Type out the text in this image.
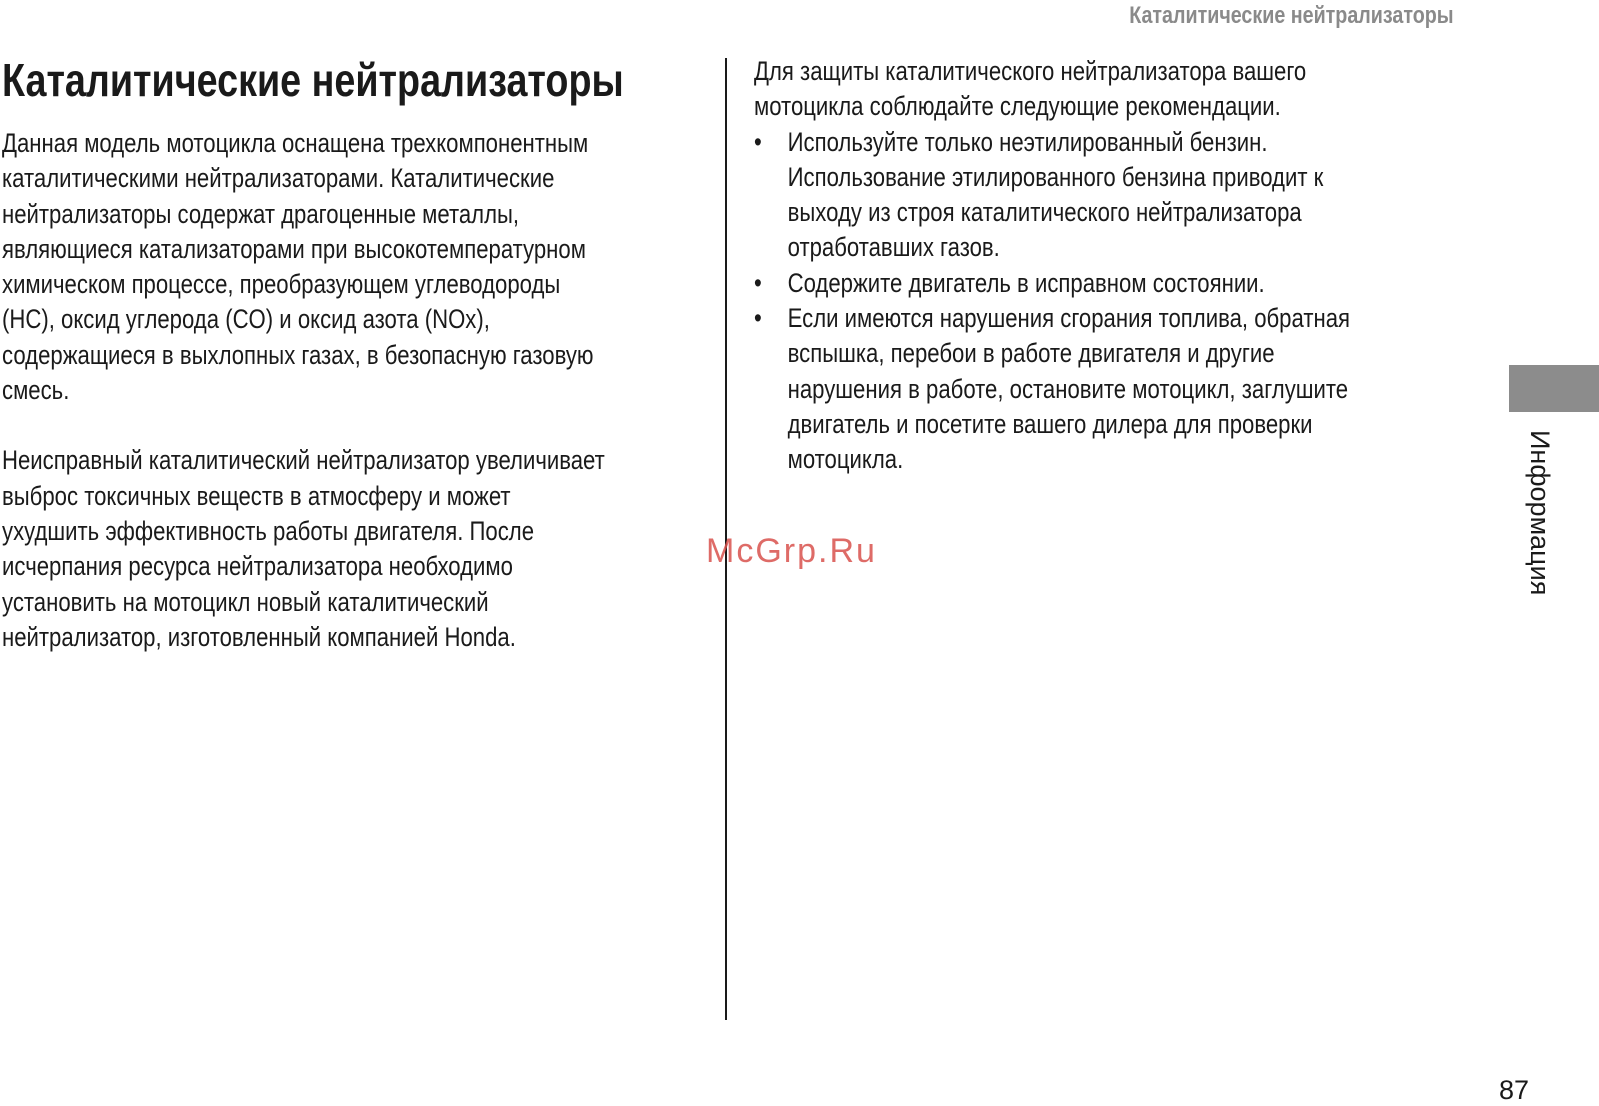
Каталитические нейтрализаторы
Каталитические нейтрализаторы
Данная модель мотоцикла оснащена трехкомпонентным
каталитическими нейтрализаторами. Каталитические
нейтрализаторы содержат драгоценные металлы,
являющиеся катализаторами при высокотемпературном
химическом процессе, преобразующем углеводороды
(HC), оксид углерода (CO) и оксид азота (NOx),
содержащиеся в выхлопных газах, в безопасную газовую
смесь.
Неисправный каталитический нейтрализатор увеличивает
выброс токсичных веществ в атмосферу и может
ухудшить эффективность работы двигателя. После
исчерпания ресурса нейтрализатора необходимо
установить на мотоцикл новый каталитический
нейтрализатор, изготовленный компанией Honda.
Для защиты каталитического нейтрализатора вашего
мотоцикла соблюдайте следующие рекомендации.
• Используйте только неэтилированный бензин.
Использование этилированного бензина приводит к
выходу из строя каталитического нейтрализатора
отработавших газов.
• Содержите двигатель в исправном состоянии.
• Если имеются нарушения сгорания топлива, обратная
вспышка, перебои в работе двигателя и другие
нарушения в работе, остановите мотоцикл, заглушите
двигатель и посетите вашего дилера для проверки
мотоцикла.	Информация
McGrp.Ru
87
